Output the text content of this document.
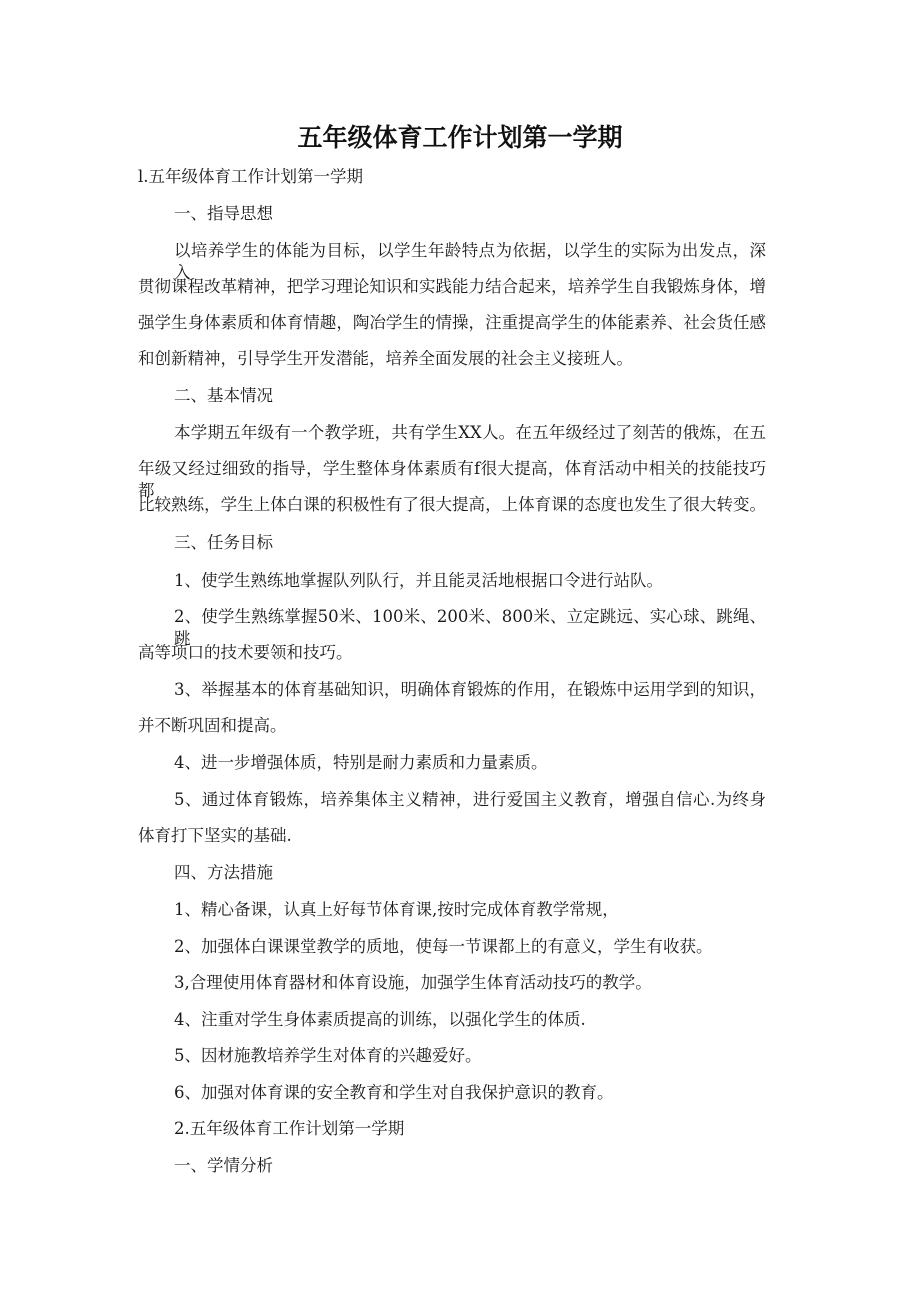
五年级体育工作计划第一学期
l.五年级体育工作计划第一学期
一、指导思想
以培养学生的体能为目标，以学生年龄特点为依据，以学生的实际为出发点，深入
贯彻课程改革精神，把学习理论知识和实践能力结合起来，培养学生自我锻炼身体，增
强学生身体素质和体育情趣，陶冶学生的情操，注重提高学生的体能素养、社会货任感
和创新精神，引导学生开发潜能，培养全面发展的社会主义接班人。
二、基本情况
本学期五年级有一个教学班，共有学生XX人。在五年级经过了刻苦的俄炼，在五
年级又经过细致的指导，学生整体身体素质有f很大提高，体育活动中相关的技能技巧都
比较熟练，学生上体白课的积极性有了很大提高，上体育课的态度也发生了很大转变。
三、任务目标
1、使学生熟练地掌握队列队行，并且能灵活地根据口令进行站队。
2、使学生熟练掌握50米、100米、200米、800米、立定跳远、实心球、跳绳、跳
高等项口的技术要领和技巧。
3、举握基本的体育基础知识，明确体育锻炼的作用，在锻炼中运用学到的知识，
并不断巩固和提高。
4、进一步增强体质，特别是耐力素质和力量素质。
5、通过体育锻炼，培养集体主义精神，进行爱国主义教育，增强自信心.为终身
体育打下坚实的基础.
四、方法措施
1、精心备课，认真上好每节体育课,按时完成体育教学常规，
2、加强体白课课堂教学的质地，使每一节课都上的有意义，学生有收获。
3,合理使用体育器材和体育设施，加强学生体育活动技巧的教学。
4、注重对学生身体素质提高的训练，以强化学生的体质.
5、因材施教培养学生对体育的兴趣爱好。
6、加强对体育课的安全教育和学生对自我保护意识的教育。
2.五年级体育工作计划第一学期
一、学情分析
